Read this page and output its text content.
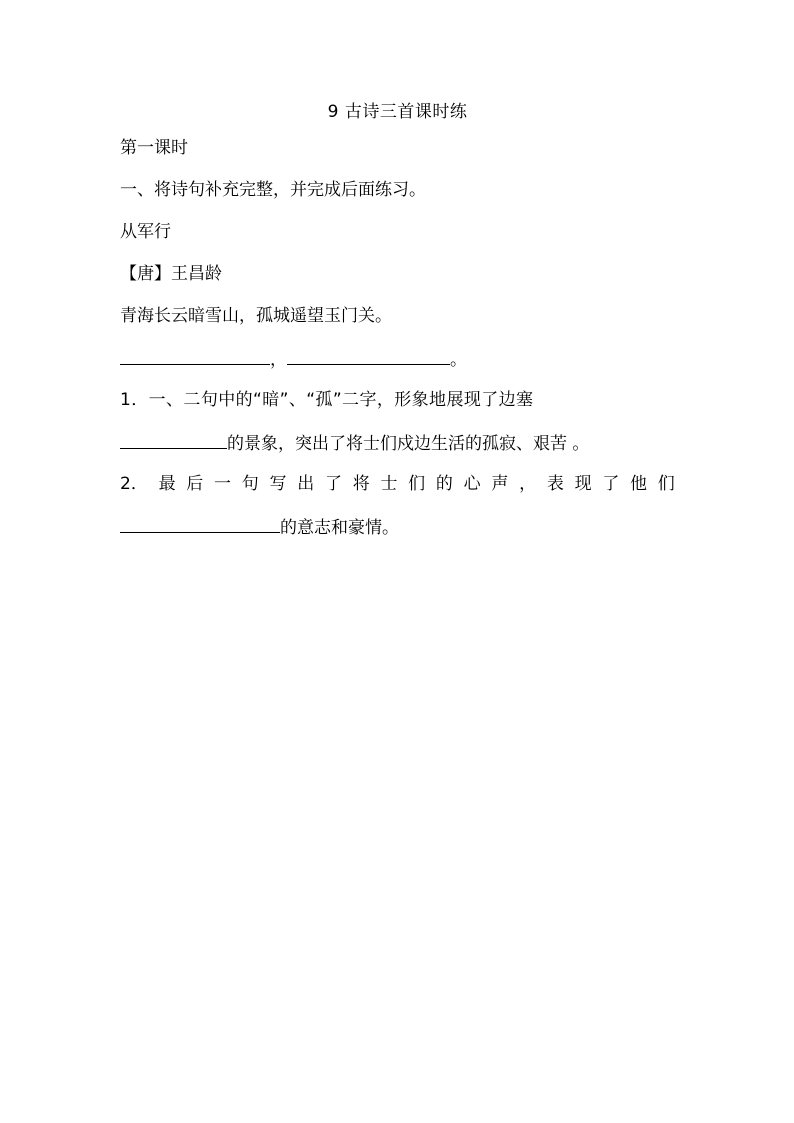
9 古诗三首课时练

第一课时

一、将诗句补充完整，并完成后面练习。

从军行

【唐】王昌龄

青海长云暗雪山，孤城遥望玉门关。

，	。

1．一、二句中的“暗”、“孤”二字，形象地展现了边塞

的景象，突出了将士们戍边生活的孤寂、艰苦 。

2． 最 后 一 句 写 出 了 将 士 们 的 心 声 ， 表 现 了 他 们

的意志和豪情。
